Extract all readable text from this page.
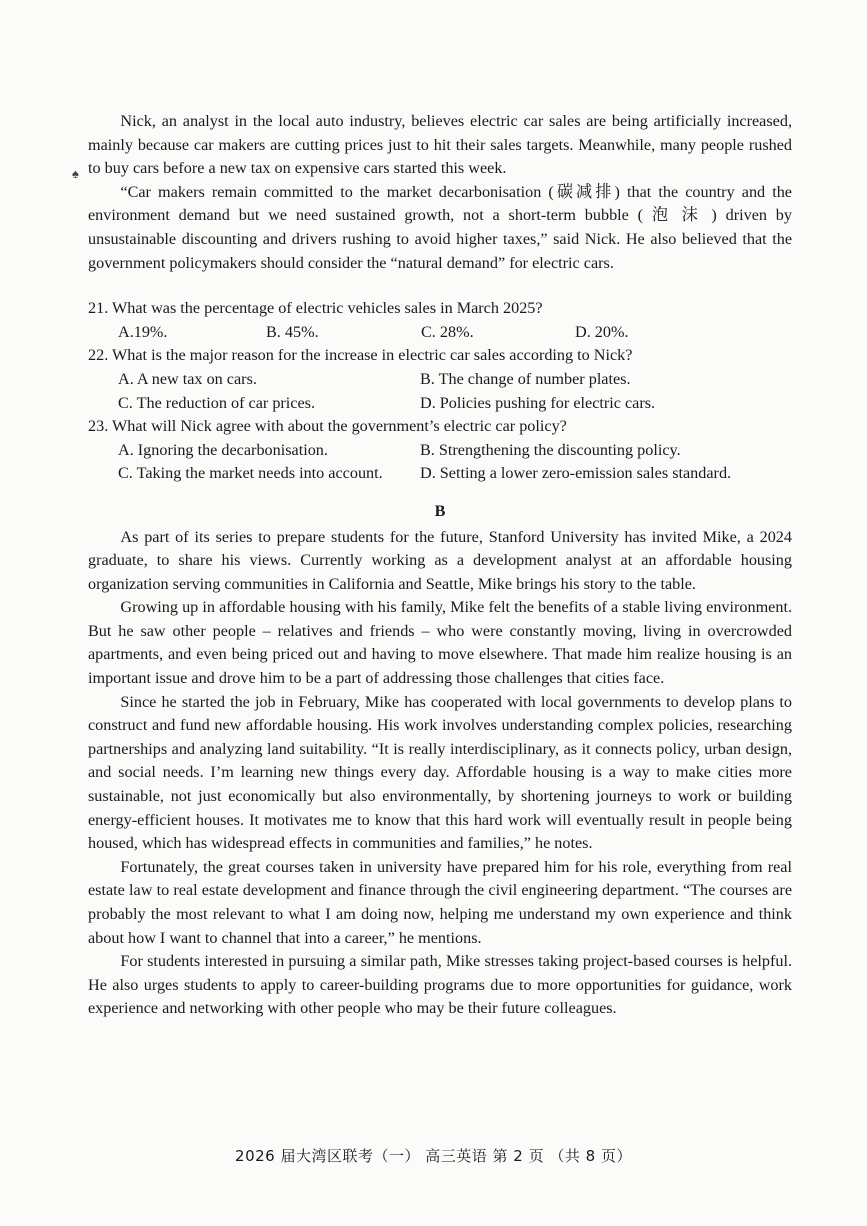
♠

Nick, an analyst in the local auto industry, believes electric car sales are being artificially increased, mainly because car makers are cutting prices just to hit their sales targets. Meanwhile, many people rushed to buy cars before a new tax on expensive cars started this week.

“Car makers remain committed to the market decarbonisation (碳减排) that the country and the environment demand but we need sustained growth, not a short-term bubble ( 泡 沫 ) driven by unsustainable discounting and drivers rushing to avoid higher taxes,” said Nick. He also believed that the government policymakers should consider the “natural demand” for electric cars.

21. What was the percentage of electric vehicles sales in March 2025?
A.19%.	B. 45%.	C. 28%.	D. 20%.
22. What is the major reason for the increase in electric car sales according to Nick?
A. A new tax on cars.	B. The change of number plates.
C. The reduction of car prices.	D. Policies pushing for electric cars.
23. What will Nick agree with about the government’s electric car policy?
A. Ignoring the decarbonisation.	B. Strengthening the discounting policy.
C. Taking the market needs into account.	D. Setting a lower zero-emission sales standard.
B

As part of its series to prepare students for the future, Stanford University has invited Mike, a 2024 graduate, to share his views. Currently working as a development analyst at an affordable housing organization serving communities in California and Seattle, Mike brings his story to the table.

Growing up in affordable housing with his family, Mike felt the benefits of a stable living environment. But he saw other people – relatives and friends – who were constantly moving, living in overcrowded apartments, and even being priced out and having to move elsewhere. That made him realize housing is an important issue and drove him to be a part of addressing those challenges that cities face.

Since he started the job in February, Mike has cooperated with local governments to develop plans to construct and fund new affordable housing. His work involves understanding complex policies, researching partnerships and analyzing land suitability. “It is really interdisciplinary, as it connects policy, urban design, and social needs. I’m learning new things every day. Affordable housing is a way to make cities more sustainable, not just economically but also environmentally, by shortening journeys to work or building energy-efficient houses. It motivates me to know that this hard work will eventually result in people being housed, which has widespread effects in communities and families,” he notes.

Fortunately, the great courses taken in university have prepared him for his role, everything from real estate law to real estate development and finance through the civil engineering department. “The courses are probably the most relevant to what I am doing now, helping me understand my own experience and think about how I want to channel that into a career,” he mentions.

For students interested in pursuing a similar path, Mike stresses taking project-based courses is helpful. He also urges students to apply to career-building programs due to more opportunities for guidance, work experience and networking with other people who may be their future colleagues.

2026 届大湾区联考（一） 高三英语 第 2 页 （共 8 页）
